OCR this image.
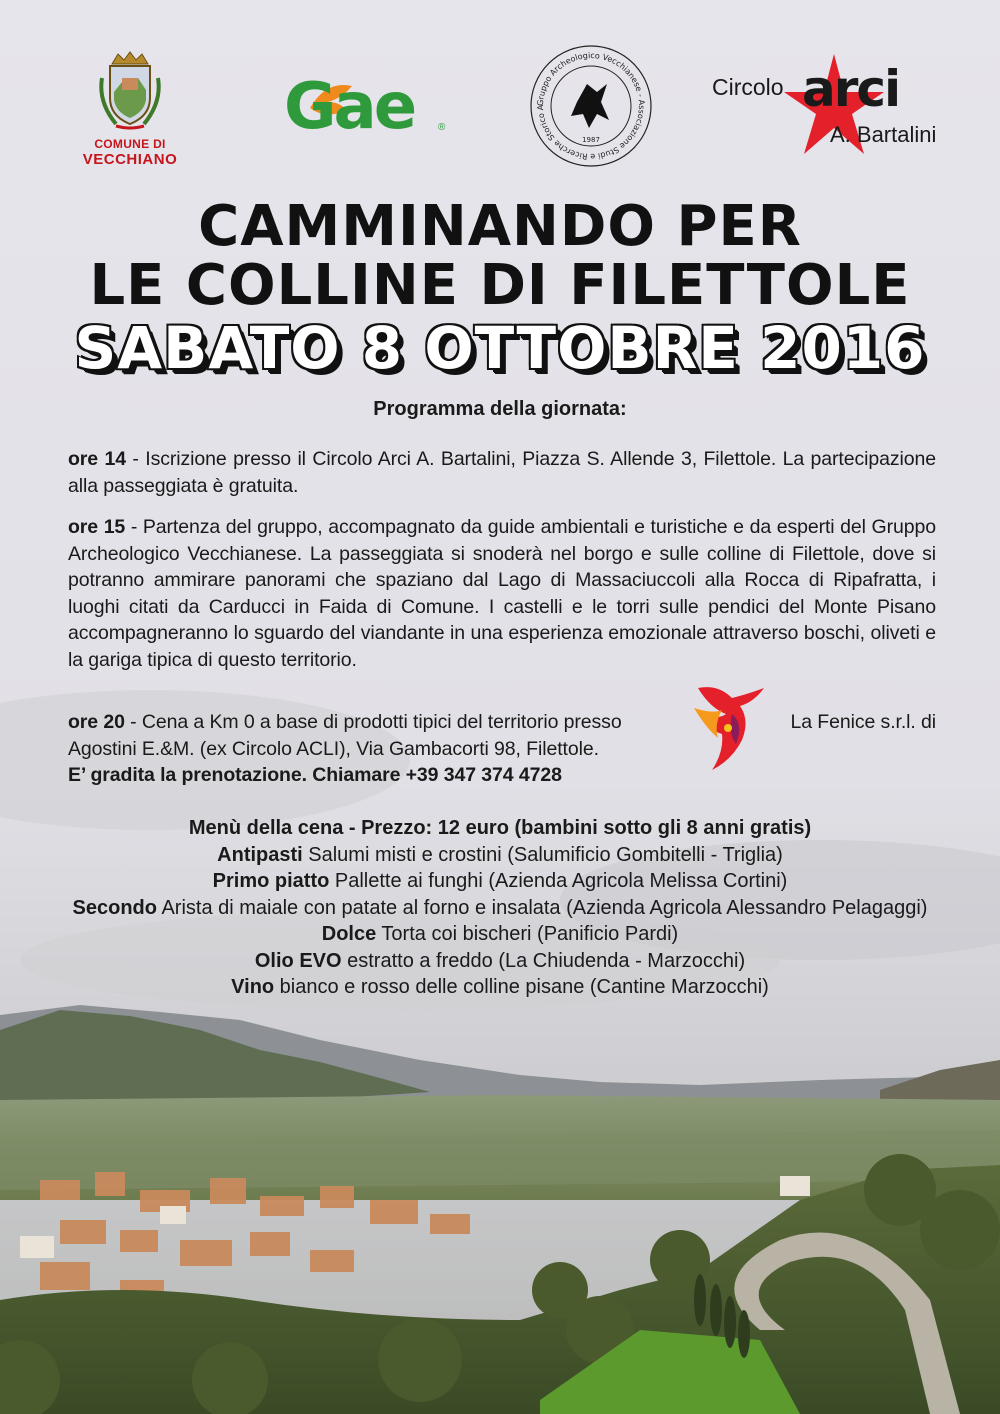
COMUNE DI
VECCHIANO
Gae ®
Gruppo Archeologico Vecchianese - Associazione Studi e Ricerche Storico A
1987
Circolo arci
A. Bartalini
CAMMINANDO PER
LE COLLINE DI FILETTOLE
SABATO 8 OTTOBRE 2016
Programma della giornata:
ore 14 - Iscrizione presso il Circolo Arci A. Bartalini, Piazza S. Allende 3, Filettole. La partecipazione alla passeggiata è gratuita.
ore 15 - Partenza del gruppo, accompagnato da guide ambientali e turistiche e da esperti del Gruppo Archeologico Vecchianese. La passeggiata si snoderà nel borgo e sulle colline di Filettole, dove si potranno ammirare panorami che spaziano dal Lago di Massaciuccoli alla Rocca di Ripafratta, i luoghi citati da Carducci in Faida di Comune. I castelli e le torri sulle pendici del Monte Pisano accompagneranno lo sguardo del viandante in una esperienza emozionale attraverso boschi, oliveti e la gariga tipica di questo territorio.
ore 20 - Cena a Km 0 a base di prodotti tipici del territorio presso	La Fenice s.r.l. di
Agostini E.&M. (ex Circolo ACLI), Via Gambacorti 98, Filettole.
E’ gradita la prenotazione. Chiamare +39 347 374 4728
Menù della cena - Prezzo: 12 euro (bambini sotto gli 8 anni gratis)
Antipasti Salumi misti e crostini (Salumificio Gombitelli - Triglia)
Primo piatto Pallette ai funghi (Azienda Agricola Melissa Cortini)
Secondo Arista di maiale con patate al forno e insalata (Azienda Agricola Alessandro Pelagaggi)
Dolce Torta coi bischeri (Panificio Pardi)
Olio EVO estratto a freddo (La Chiudenda - Marzocchi)
Vino bianco e rosso delle colline pisane (Cantine Marzocchi)
